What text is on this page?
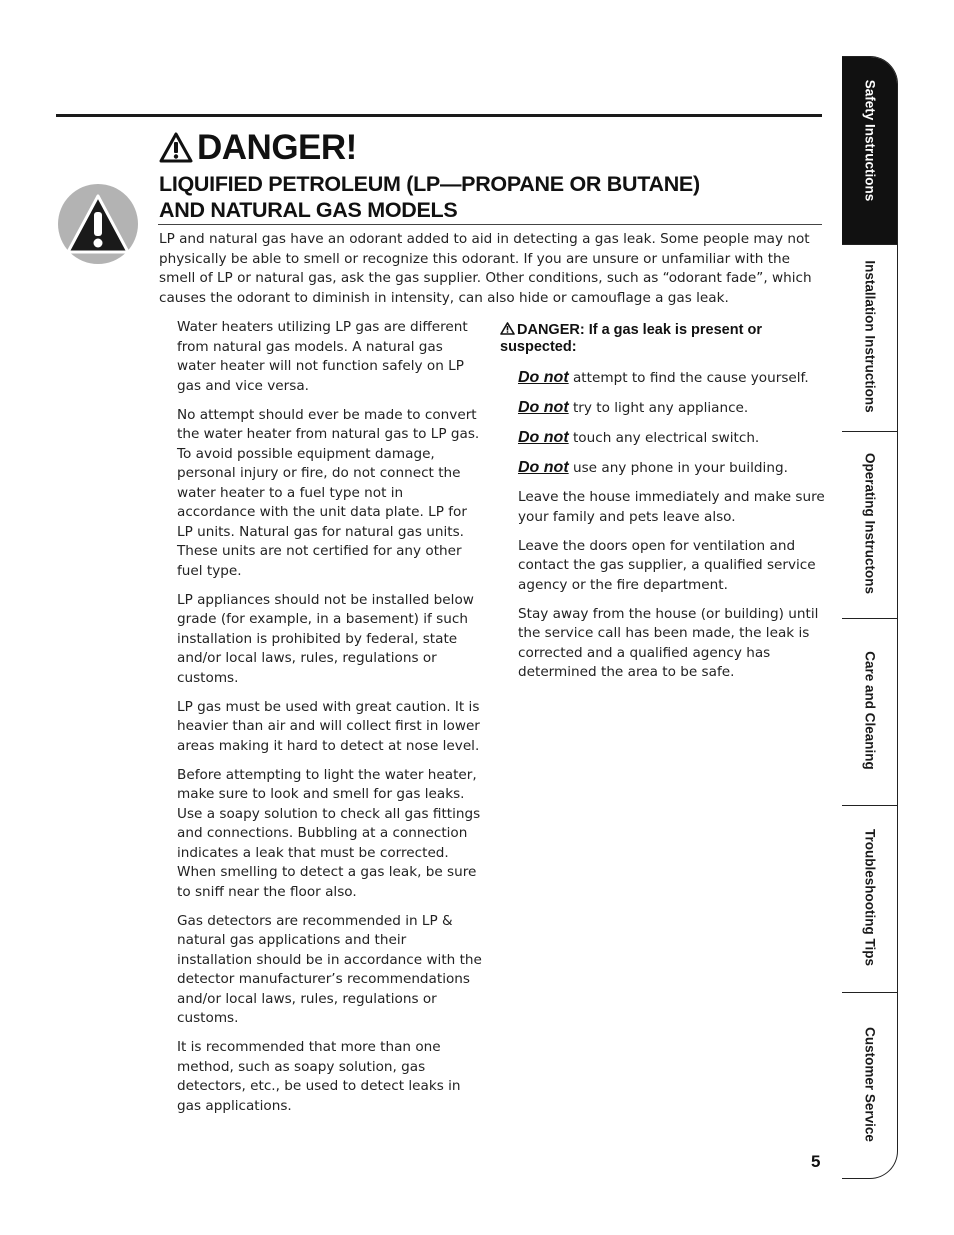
DANGER!
LIQUIFIED PETROLEUM (LP—PROPANE OR BUTANE)
AND NATURAL GAS MODELS
LP and natural gas have an odorant added to aid in detecting a gas leak. Some people may not physically be able to smell or recognize this odorant. If you are unsure or unfamiliar with the smell of LP or natural gas, ask the gas supplier. Other conditions, such as “odorant fade”, which causes the odorant to diminish in intensity, can also hide or camouflage a gas leak.

Water heaters utilizing LP gas are different from natural gas models. A natural gas water heater will not function safely on LP gas and vice versa.

No attempt should ever be made to convert the water heater from natural gas to LP gas. To avoid possible equipment damage, personal injury or fire, do not connect the water heater to a fuel type not in accordance with the unit data plate. LP for LP units. Natural gas for natural gas units. These units are not certified for any other fuel type.

LP appliances should not be installed below grade (for example, in a basement) if such installation is prohibited by federal, state and/or local laws, rules, regulations or customs.

LP gas must be used with great caution. It is heavier than air and will collect first in lower areas making it hard to detect at nose level.

Before attempting to light the water heater, make sure to look and smell for gas leaks. Use a soapy solution to check all gas fittings and connections. Bubbling at a connection indicates a leak that must be corrected. When smelling to detect a gas leak, be sure to sniff near the floor also.

Gas detectors are recommended in LP & natural gas applications and their installation should be in accordance with the detector manufacturer’s recommendations and/or local laws, rules, regulations or customs.

It is recommended that more than one method, such as soapy solution, gas detectors, etc., be used to detect leaks in gas applications.

DANGER: If a gas leak is present or suspected:

Do not attempt to find the cause yourself.

Do not try to light any appliance.

Do not touch any electrical switch.

Do not use any phone in your building.

Leave the house immediately and make sure your family and pets leave also.

Leave the doors open for ventilation and contact the gas supplier, a qualified service agency or the fire department.

Stay away from the house (or building) until the service call has been made, the leak is corrected and a qualified agency has determined the area to be safe.

Safety Instructions
Installation Instructions
Operating Instructons
Care and Cleaning
Troubleshooting Tips
Customer Service
5
